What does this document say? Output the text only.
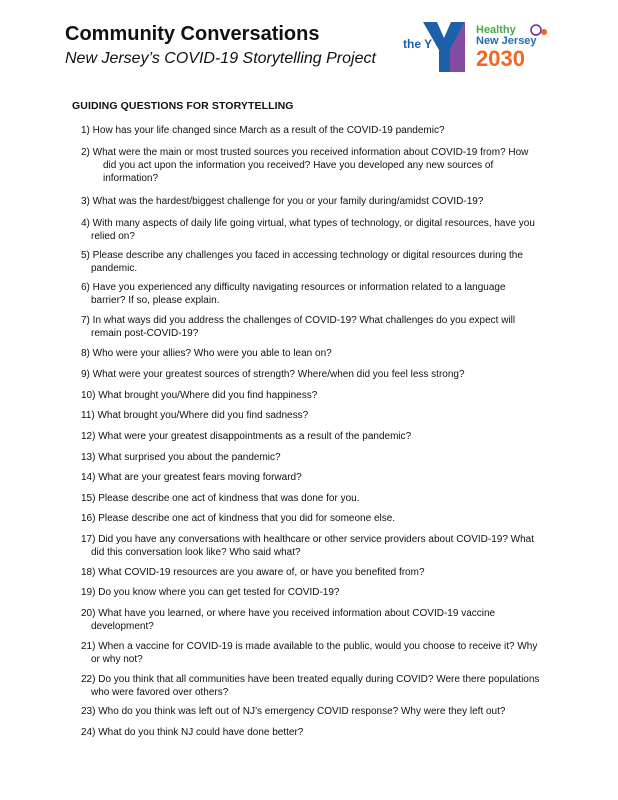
Community Conversations
New Jersey’s COVID-19 Storytelling Project
the Y
Healthy
New Jersey
2030
GUIDING QUESTIONS FOR STORYTELLING
1) How has your life changed since March as a result of the COVID-19 pandemic?
2) What were the main or most trusted sources you received information about COVID-19 from? How did you act upon the information you received? Have you developed any new sources of information?
3) What was the hardest/biggest challenge for you or your family during/amidst COVID-19?
4) With many aspects of daily life going virtual, what types of technology, or digital resources, have you relied on?
5) Please describe any challenges you faced in accessing technology or digital resources during the pandemic.
6) Have you experienced any difficulty navigating resources or information related to a language barrier? If so, please explain.
7) In what ways did you address the challenges of COVID-19? What challenges do you expect will remain post-COVID-19?
8) Who were your allies? Who were you able to lean on?
9) What were your greatest sources of strength? Where/when did you feel less strong?
10) What brought you/Where did you find happiness?
11) What brought you/Where did you find sadness?
12) What were your greatest disappointments as a result of the pandemic?
13) What surprised you about the pandemic?
14) What are your greatest fears moving forward?
15) Please describe one act of kindness that was done for you.
16) Please describe one act of kindness that you did for someone else.
17) Did you have any conversations with healthcare or other service providers about COVID-19? What did this conversation look like? Who said what?
18) What COVID-19 resources are you aware of, or have you benefited from?
19) Do you know where you can get tested for COVID-19?
20) What have you learned, or where have you received information about COVID-19 vaccine development?
21) When a vaccine for COVID-19 is made available to the public, would you choose to receive it? Why or why not?
22) Do you think that all communities have been treated equally during COVID? Were there populations who were favored over others?
23) Who do you think was left out of NJ’s emergency COVID response? Why were they left out?
24) What do you think NJ could have done better?
